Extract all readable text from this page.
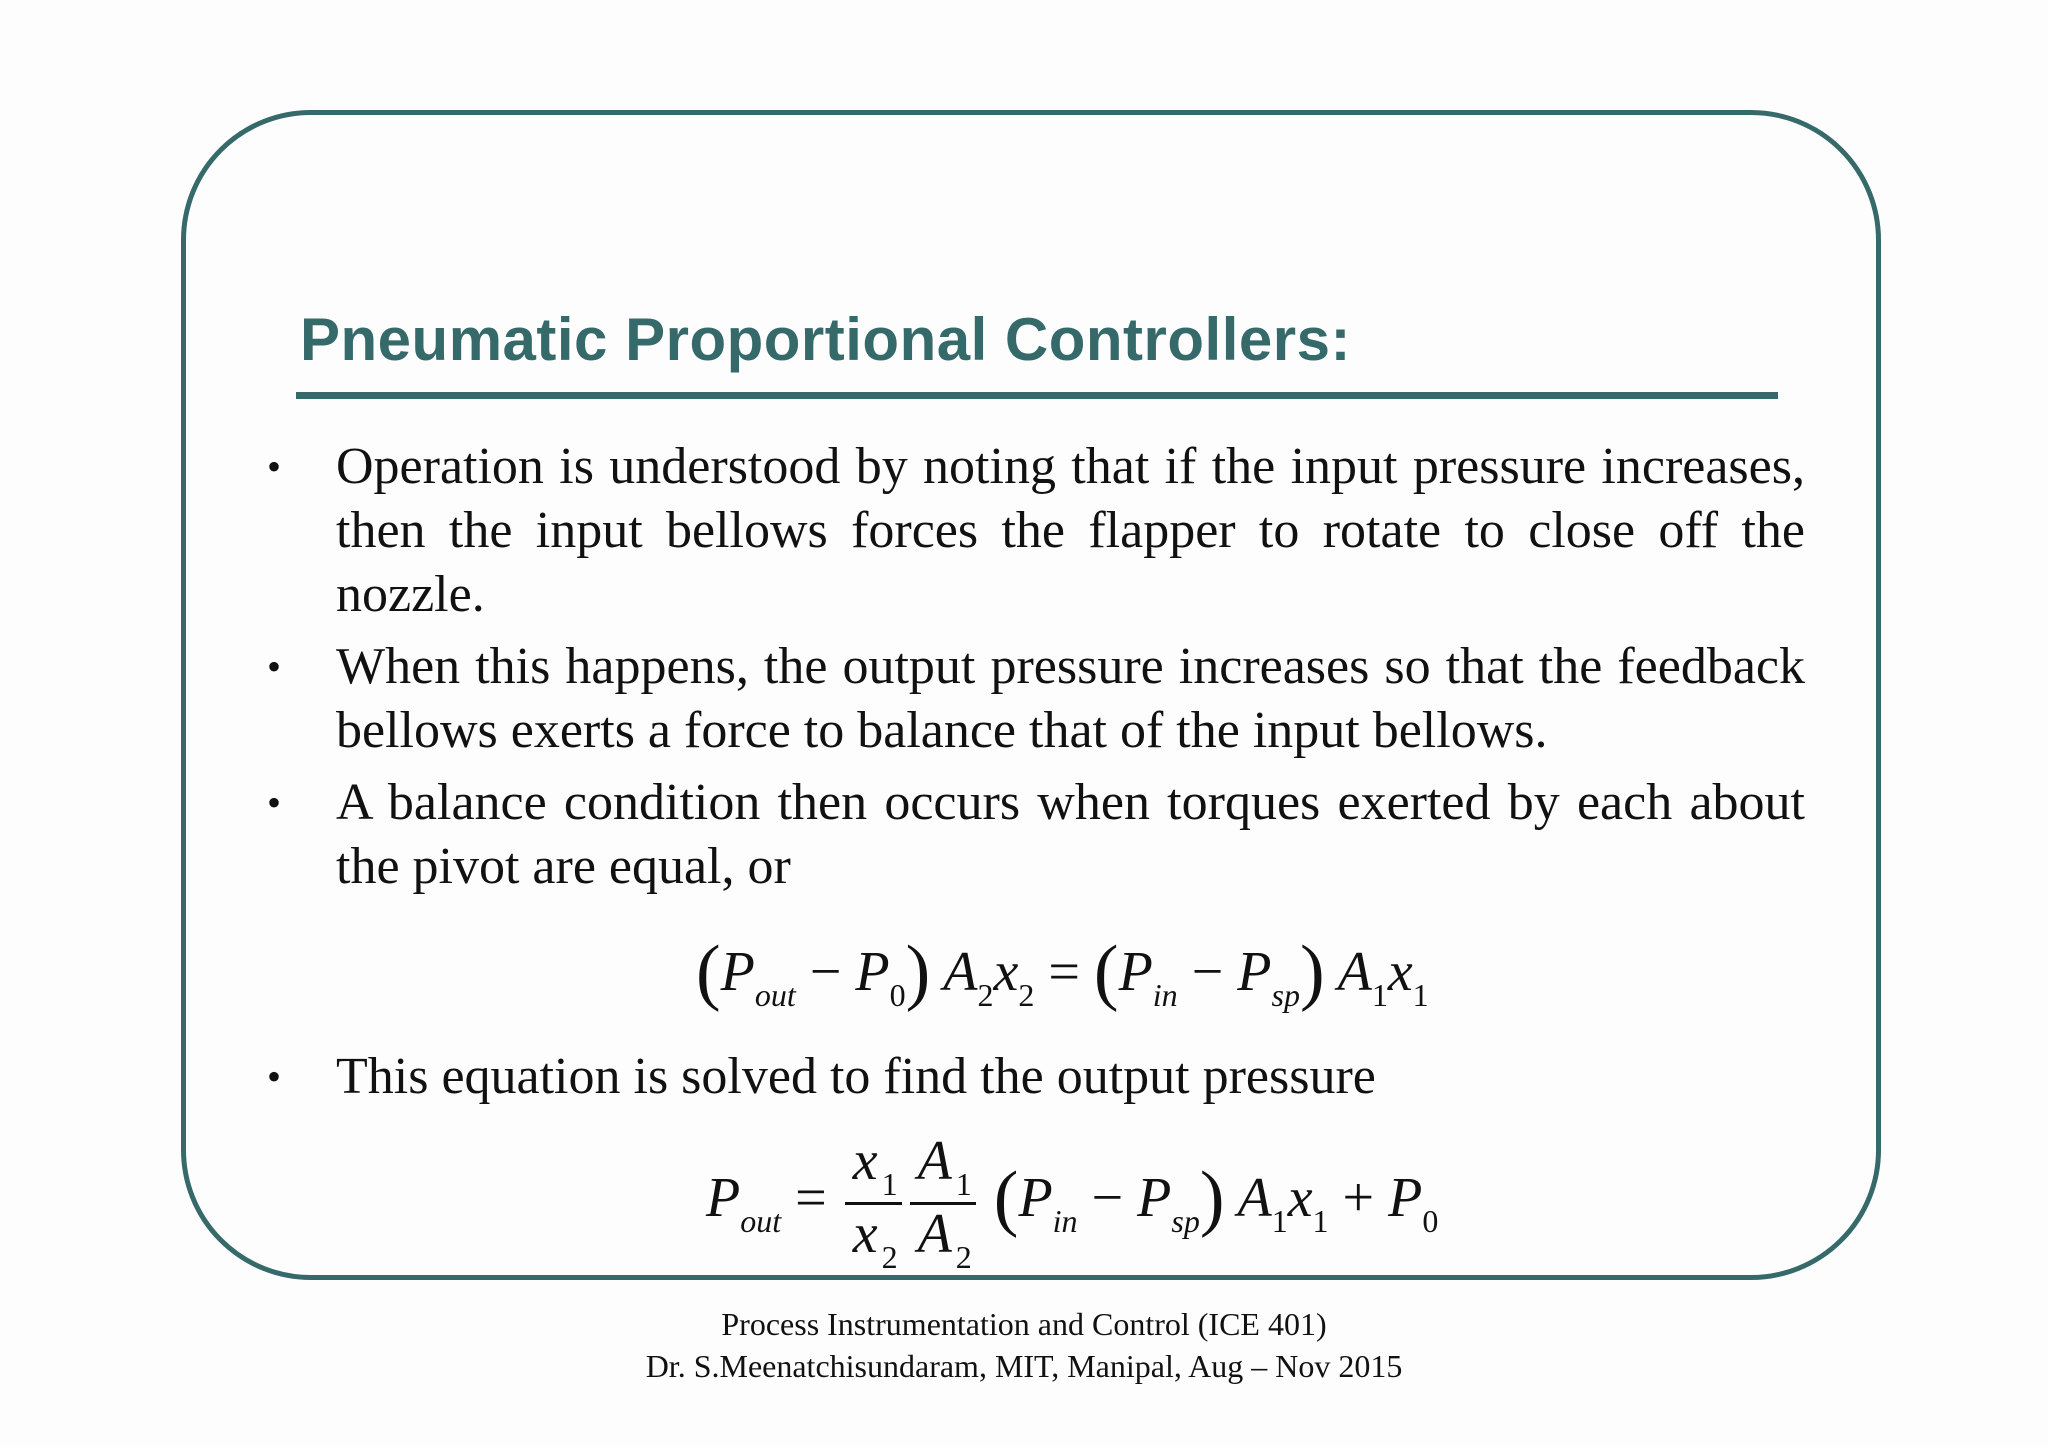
Pneumatic Proportional Controllers:
• Operation is understood by noting that if the input pressure increases, then the input bellows forces the flapper to rotate to close off the nozzle.
• When this happens, the output pressure increases so that the feedback bellows exerts a force to balance that of the input bellows.
• A balance condition then occurs when torques exerted by each about the pivot are equal, or
$(P_{out} - P_0) A_2x_2 = (P_{in} - P_{sp})$ $A_1x_1$
• This equation is solved to find the output pressure
$P_{out} = \frac{x _1}{x _2} \frac{A _1}{A _2} (P_{in} - P_{sp}) A_1x_1 + P_0$
Process Instrumentation and Control (ICE 401)
Dr. S.Meenatchisundaram, MIT, Manipal, Aug – Nov 2015
